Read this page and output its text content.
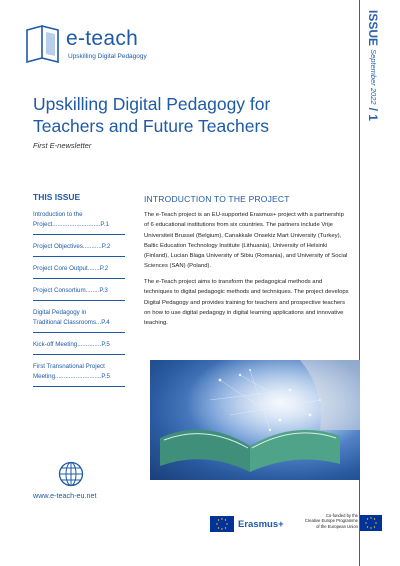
e-teach
Upskilling Digital Pedagogy
ISSUE September 2022 / 1
Upskilling Digital Pedagogy for
Teachers and Future Teachers
First E-newsletter
THIS ISSUE
Introduction to the
Project............................P.1
Project Objectives...........P.2
Project Core Output.......P.2
Project Consortium........P.3
Digital Pedagogy in
Traditional Classrooms...P.4
Kick-off Meeting..............P.5
First Transnational Project
Meeting...........................P.5
INTRODUCTION TO THE PROJECT
The e-Teach project is an EU-supported Erasmus+ project with a partnership of 6 educational institutions from six countries. The partners include Vrije Universiteit Brussel (Belgium), Canakkale Onsekiz Mart University (Turkey), Baltic Education Technology Institute (Lithuania), University of Helsinki (Finland), Lucian Blaga University of Sibiu (Romania), and University of Social Sciences (SAN) (Poland).
The e-Teach project aims to transform the pedagogical methods and techniques to digital pedagogic methods and techniques. The project develops Digital Pedagogy and provides training for teachers and prospective teachers on how to use digital pedagogy in digital learning applications and innovative teaching.
www.e-teach-eu.net
Erasmus+
Co-funded by the
Creative Europe Programme
of the European Union
